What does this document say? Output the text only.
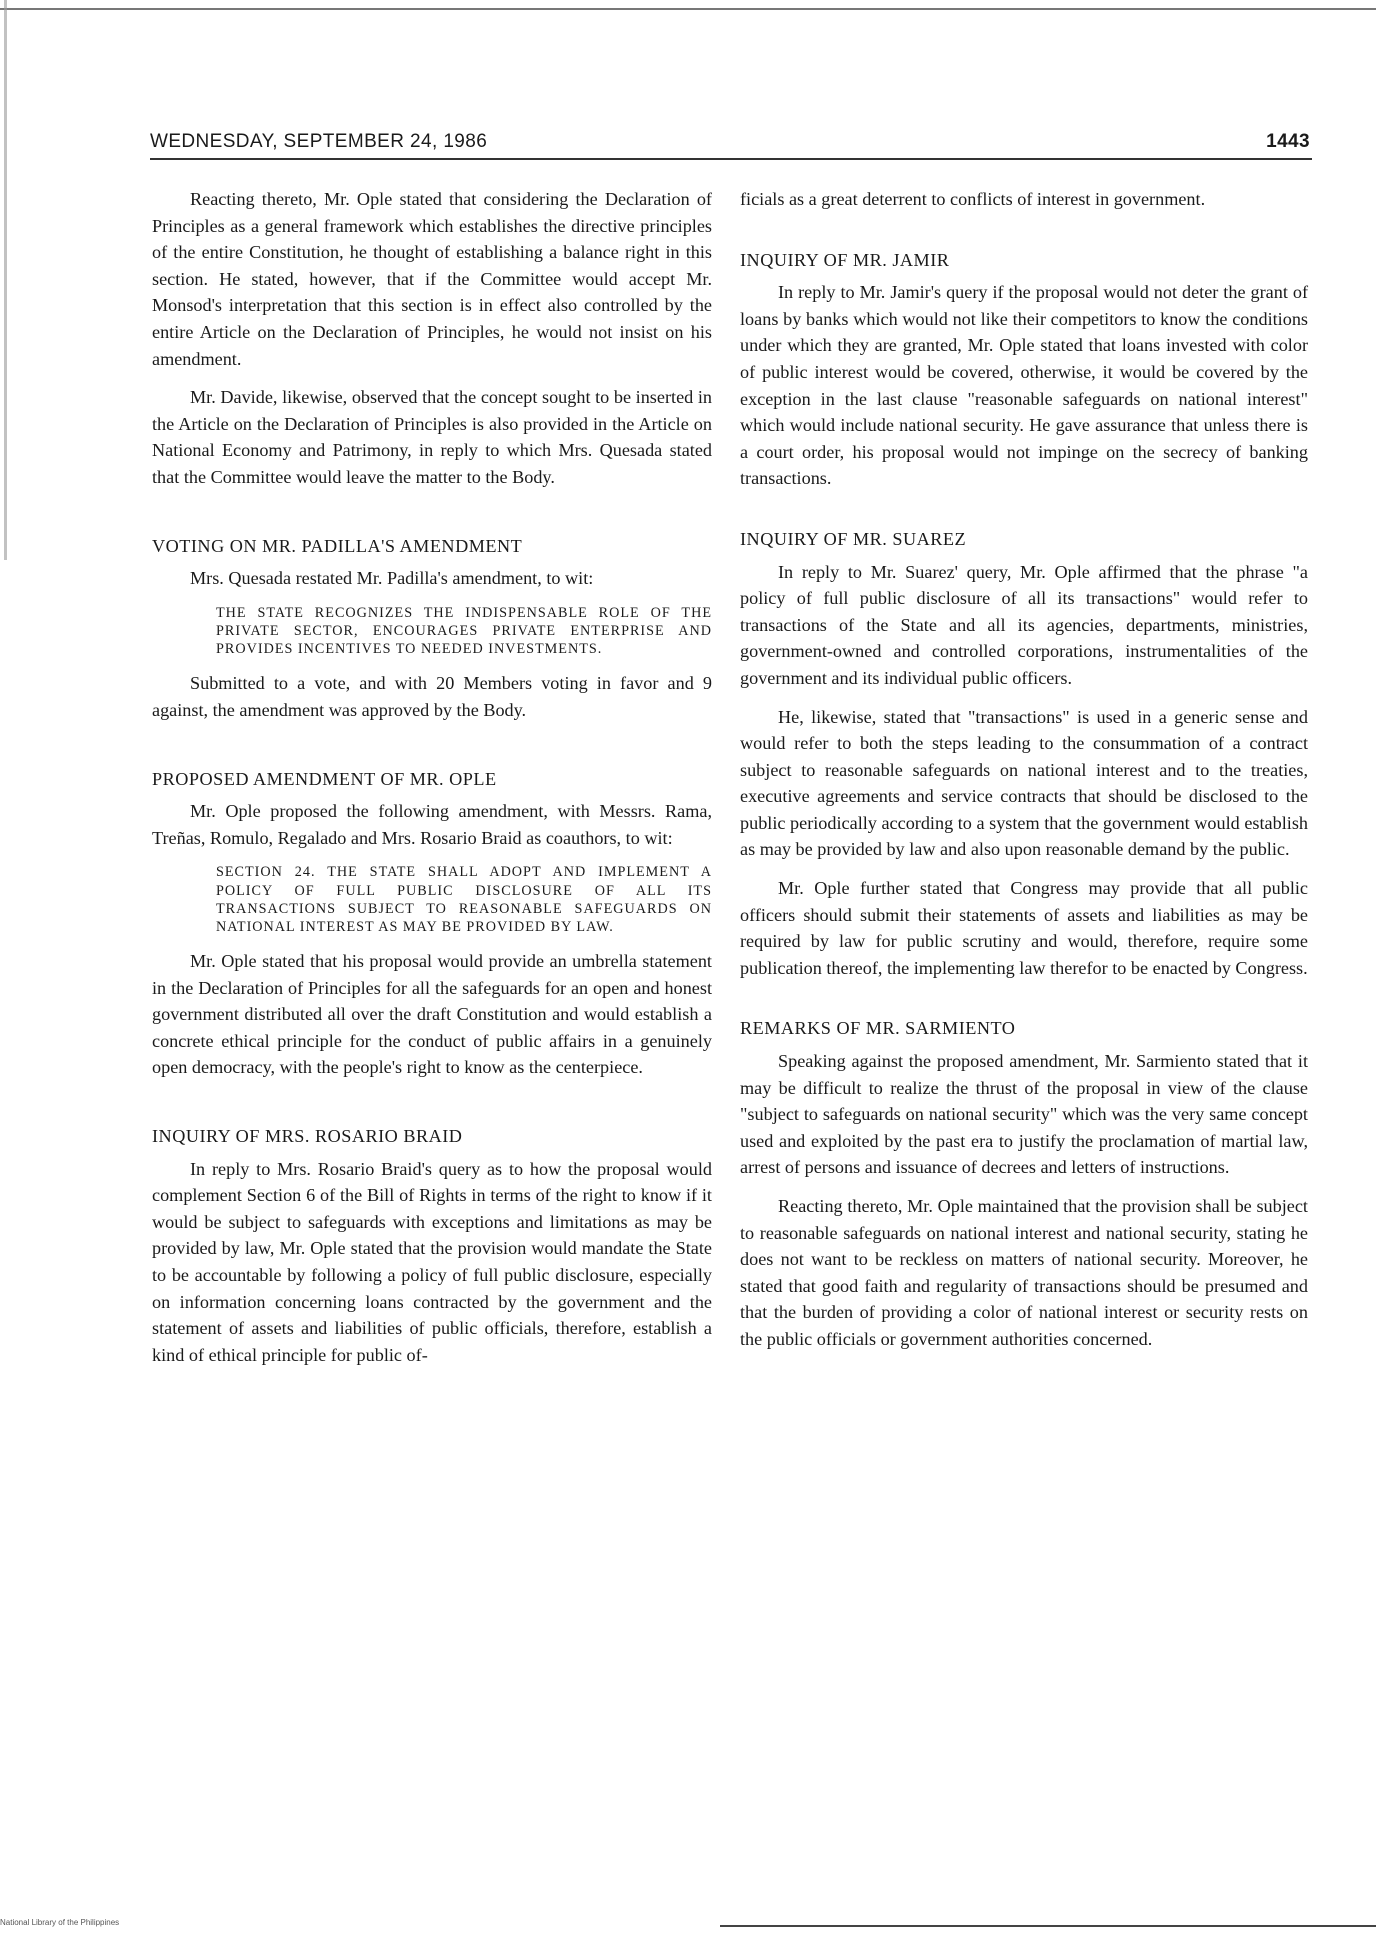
WEDNESDAY, SEPTEMBER 24, 1986	1443

Reacting thereto, Mr. Ople stated that considering the Declaration of Principles as a general framework which establishes the directive principles of the entire Constitution, he thought of establishing a balance right in this section. He stated, however, that if the Committee would accept Mr. Monsod's interpretation that this section is in effect also controlled by the entire Article on the Declaration of Principles, he would not insist on his amendment.

Mr. Davide, likewise, observed that the concept sought to be inserted in the Article on the Declaration of Principles is also provided in the Article on National Economy and Patrimony, in reply to which Mrs. Quesada stated that the Committee would leave the matter to the Body.

VOTING ON MR. PADILLA'S AMENDMENT

Mrs. Quesada restated Mr. Padilla's amendment, to wit:

THE STATE RECOGNIZES THE INDISPENSABLE ROLE OF THE PRIVATE SECTOR, ENCOURAGES PRIVATE ENTERPRISE AND PROVIDES INCENTIVES TO NEEDED INVESTMENTS.

Submitted to a vote, and with 20 Members voting in favor and 9 against, the amendment was approved by the Body.

PROPOSED AMENDMENT OF MR. OPLE

Mr. Ople proposed the following amendment, with Messrs. Rama, Treñas, Romulo, Regalado and Mrs. Rosario Braid as coauthors, to wit:

SECTION 24. THE STATE SHALL ADOPT AND IMPLEMENT A POLICY OF FULL PUBLIC DISCLOSURE OF ALL ITS TRANSACTIONS SUBJECT TO REASONABLE SAFEGUARDS ON NATIONAL INTEREST AS MAY BE PROVIDED BY LAW.

Mr. Ople stated that his proposal would provide an umbrella statement in the Declaration of Principles for all the safeguards for an open and honest government distributed all over the draft Constitution and would establish a concrete ethical principle for the conduct of public affairs in a genuinely open democracy, with the people's right to know as the centerpiece.

INQUIRY OF MRS. ROSARIO BRAID

In reply to Mrs. Rosario Braid's query as to how the proposal would complement Section 6 of the Bill of Rights in terms of the right to know if it would be subject to safeguards with exceptions and limitations as may be provided by law, Mr. Ople stated that the provision would mandate the State to be accountable by following a policy of full public disclosure, especially on information concerning loans contracted by the government and the statement of assets and liabilities of public officials, therefore, establish a kind of ethical principle for public of-

ficials as a great deterrent to conflicts of interest in government.

INQUIRY OF MR. JAMIR

In reply to Mr. Jamir's query if the proposal would not deter the grant of loans by banks which would not like their competitors to know the conditions under which they are granted, Mr. Ople stated that loans invested with color of public interest would be covered, otherwise, it would be covered by the exception in the last clause "reasonable safeguards on national interest" which would include national security. He gave assurance that unless there is a court order, his proposal would not impinge on the secrecy of banking transactions.

INQUIRY OF MR. SUAREZ

In reply to Mr. Suarez' query, Mr. Ople affirmed that the phrase "a policy of full public disclosure of all its transactions" would refer to transactions of the State and all its agencies, departments, ministries, government-owned and controlled corporations, instrumentalities of the government and its individual public officers.

He, likewise, stated that "transactions" is used in a generic sense and would refer to both the steps leading to the consummation of a contract subject to reasonable safeguards on national interest and to the treaties, executive agreements and service contracts that should be disclosed to the public periodically according to a system that the government would establish as may be provided by law and also upon reasonable demand by the public.

Mr. Ople further stated that Congress may provide that all public officers should submit their statements of assets and liabilities as may be required by law for public scrutiny and would, therefore, require some publication thereof, the implementing law therefor to be enacted by Congress.

REMARKS OF MR. SARMIENTO

Speaking against the proposed amendment, Mr. Sarmiento stated that it may be difficult to realize the thrust of the proposal in view of the clause "subject to safeguards on national security" which was the very same concept used and exploited by the past era to justify the proclamation of martial law, arrest of persons and issuance of decrees and letters of instructions.

Reacting thereto, Mr. Ople maintained that the provision shall be subject to reasonable safeguards on national interest and national security, stating he does not want to be reckless on matters of national security. Moreover, he stated that good faith and regularity of transactions should be presumed and that the burden of providing a color of national interest or security rests on the public officials or government authorities concerned.

National Library of the Philippines
